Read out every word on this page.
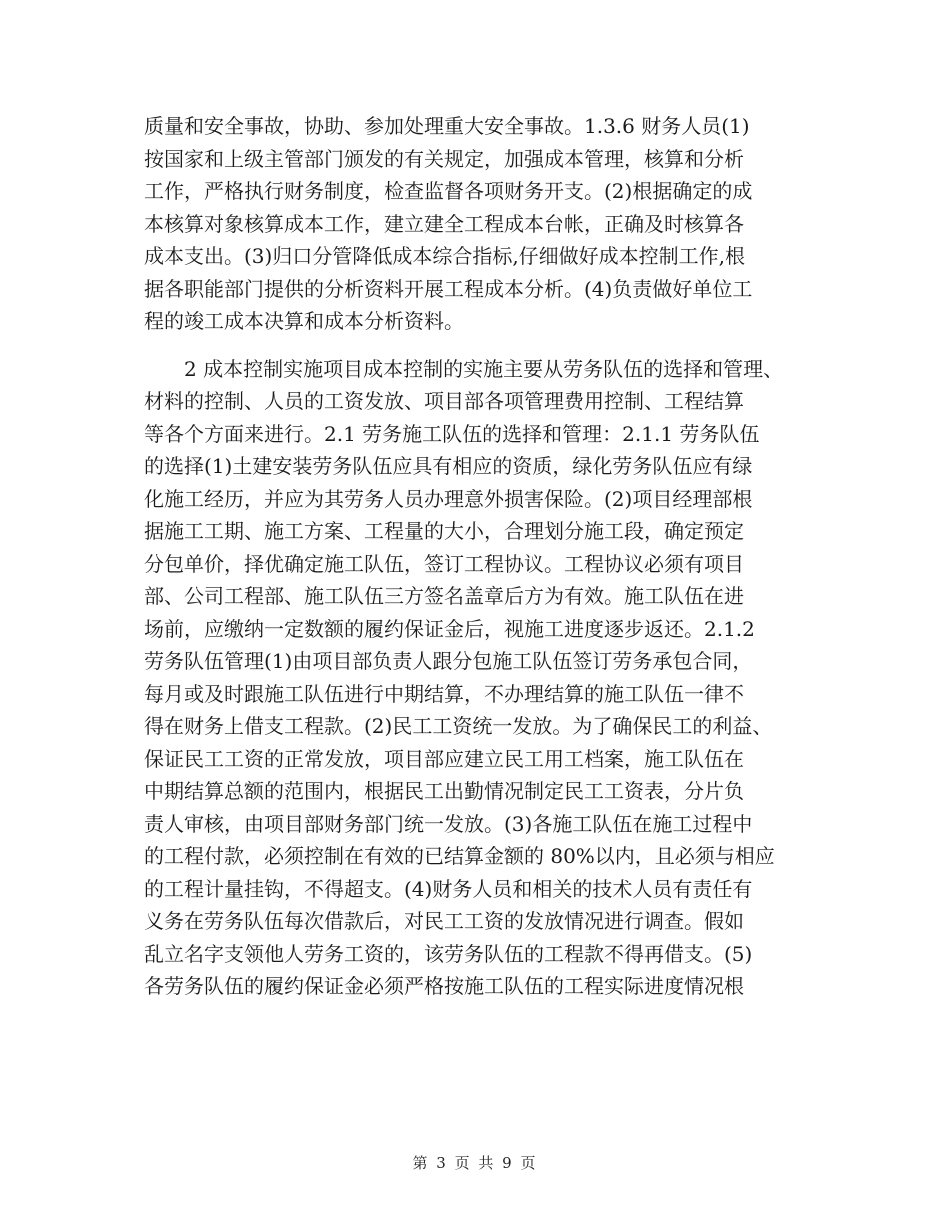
质量和安全事故，协助、参加处理重大安全事故。1.3.6 财务人员(1)
按国家和上级主管部门颁发的有关规定，加强成本管理，核算和分析
工作，严格执行财务制度，检查监督各项财务开支。(2)根据确定的成
本核算对象核算成本工作，建立建全工程成本台帐，正确及时核算各
成本支出。(3)归口分管降低成本综合指标,仔细做好成本控制工作,根
据各职能部门提供的分析资料开展工程成本分析。(4)负责做好单位工
程的竣工成本决算和成本分析资料。
　　2 成本控制实施项目成本控制的实施主要从劳务队伍的选择和管理、
材料的控制、人员的工资发放、项目部各项管理费用控制、工程结算
等各个方面来进行。2.1 劳务施工队伍的选择和管理：2.1.1 劳务队伍
的选择(1)土建安装劳务队伍应具有相应的资质，绿化劳务队伍应有绿
化施工经历，并应为其劳务人员办理意外损害保险。(2)项目经理部根
据施工工期、施工方案、工程量的大小，合理划分施工段，确定预定
分包单价，择优确定施工队伍，签订工程协议。工程协议必须有项目
部、公司工程部、施工队伍三方签名盖章后方为有效。施工队伍在进
场前，应缴纳一定数额的履约保证金后，视施工进度逐步返还。2.1.2
劳务队伍管理(1)由项目部负责人跟分包施工队伍签订劳务承包合同，
每月或及时跟施工队伍进行中期结算，不办理结算的施工队伍一律不
得在财务上借支工程款。(2)民工工资统一发放。为了确保民工的利益、
保证民工工资的正常发放，项目部应建立民工用工档案，施工队伍在
中期结算总额的范围内，根据民工出勤情况制定民工工资表，分片负
责人审核，由项目部财务部门统一发放。(3)各施工队伍在施工过程中
的工程付款，必须控制在有效的已结算金额的 80%以内，且必须与相应
的工程计量挂钩，不得超支。(4)财务人员和相关的技术人员有责任有
义务在劳务队伍每次借款后，对民工工资的发放情况进行调查。假如
乱立名字支领他人劳务工资的，该劳务队伍的工程款不得再借支。(5)
各劳务队伍的履约保证金必须严格按施工队伍的工程实际进度情况根
第 3 页 共 9 页
